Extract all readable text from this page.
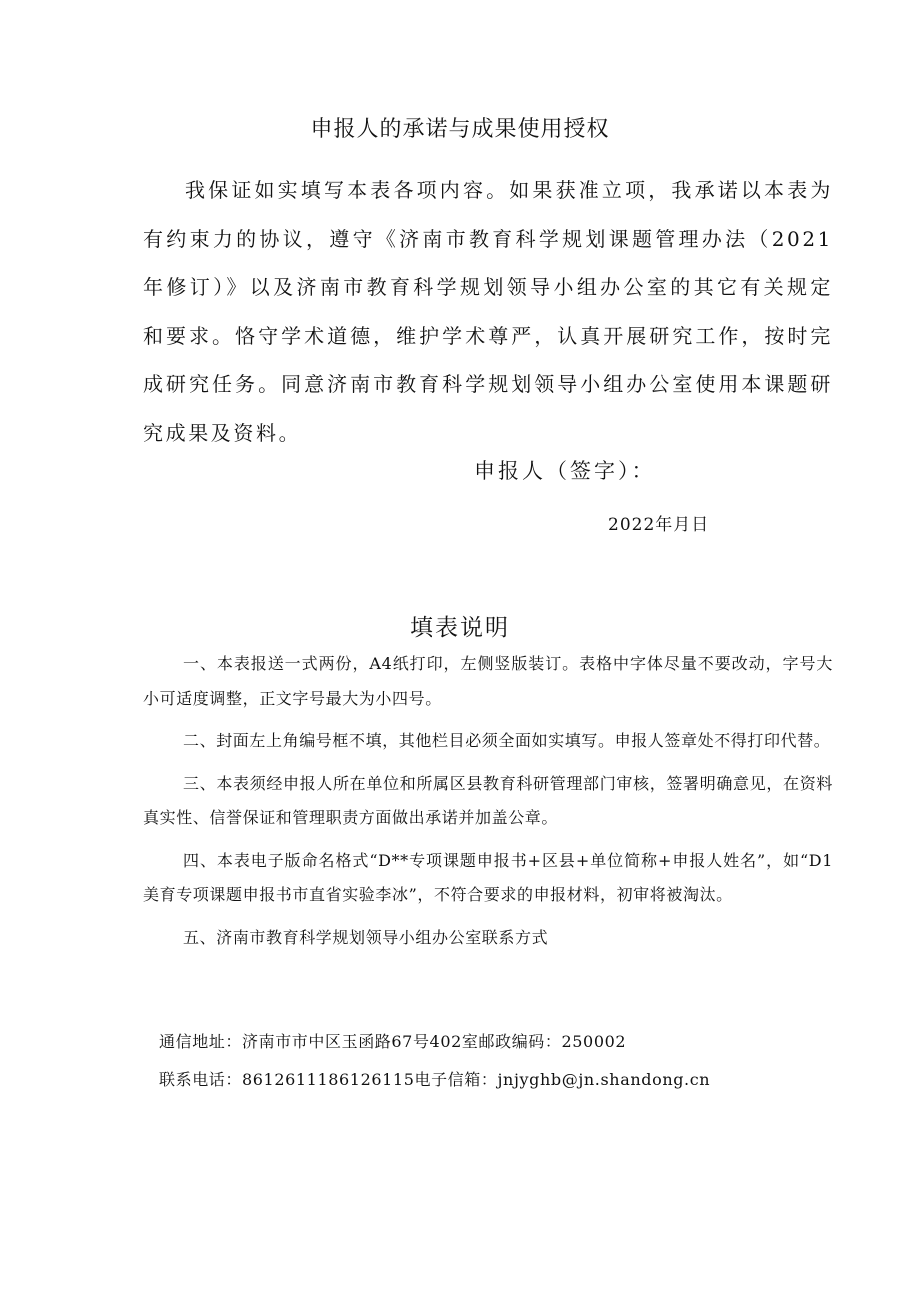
申报人的承诺与成果使用授权
我保证如实填写本表各项内容。如果获准立项，我承诺以本表为有约束力的协议，遵守《济南市教育科学规划课题管理办法（2021年修订）》以及济南市教育科学规划领导小组办公室的其它有关规定和要求。恪守学术道德，维护学术尊严，认真开展研究工作，按时完成研究任务。同意济南市教育科学规划领导小组办公室使用本课题研究成果及资料。
申报人（签字）：
2022年月日
填表说明

一、本表报送一式两份，A4纸打印，左侧竖版装订。表格中字体尽量不要改动，字号大小可适度调整，正文字号最大为小四号。

二、封面左上角编号框不填，其他栏目必须全面如实填写。申报人签章处不得打印代替。

三、本表须经申报人所在单位和所属区县教育科研管理部门审核，签署明确意见，在资料真实性、信誉保证和管理职责方面做出承诺并加盖公章。

四、本表电子版命名格式“D**专项课题申报书+区县+单位简称+申报人姓名”，如“D1美育专项课题申报书市直省实验李冰”，不符合要求的申报材料，初审将被淘汰。

五、济南市教育科学规划领导小组办公室联系方式

通信地址：济南市市中区玉函路67号402室邮政编码：250002
联系电话：8612611186126115电子信箱：jnjyghb@jn.shandong.cn
